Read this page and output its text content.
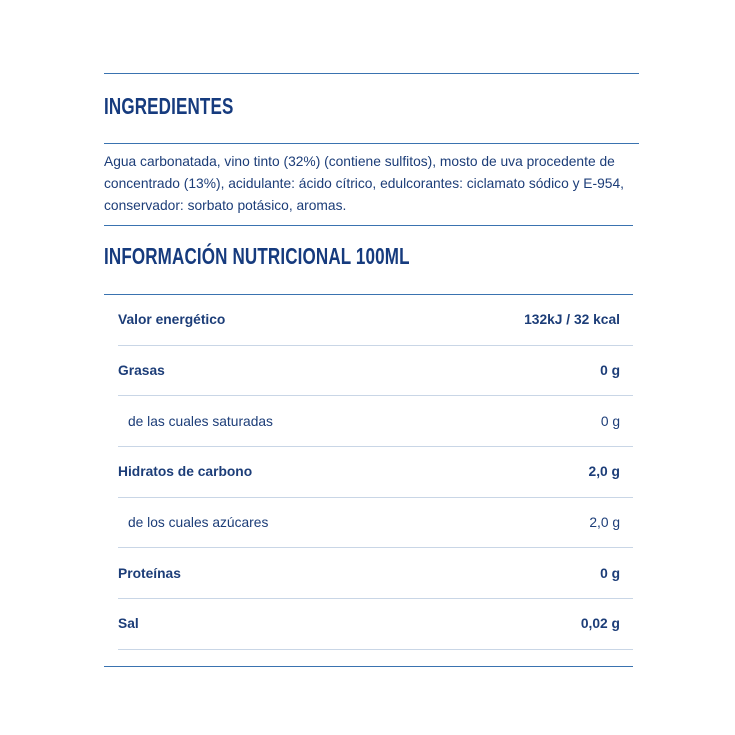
INGREDIENTES
Agua carbonatada, vino tinto (32%) (contiene sulfitos), mosto de uva procedente de concentrado (13%), acidulante: ácido cítrico, edulcorantes: ciclamato sódico y E-954, conservador: sorbato potásico, aromas.
INFORMACIÓN NUTRICIONAL 100ML
Valor energético	132kJ / 32 kcal
Grasas	0 g
de las cuales saturadas	0 g
Hidratos de carbono	2,0 g
de los cuales azúcares	2,0 g
Proteínas	0 g
Sal	0,02 g
